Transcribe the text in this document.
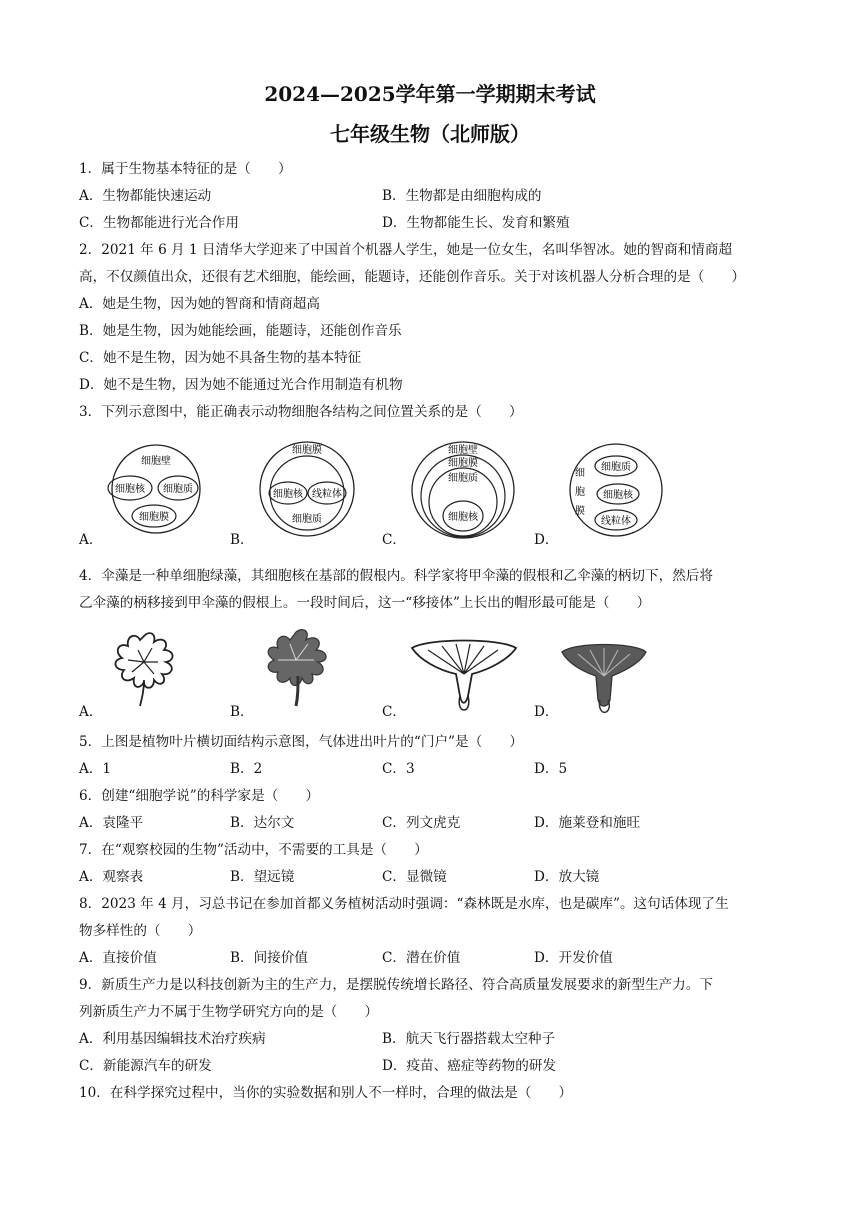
2024—2025学年第一学期期末考试
七年级生物（北师版）
1．属于生物基本特征的是（　　）
A．生物都能快速运动	B．生物都是由细胞构成的
C．生物都能进行光合作用	D．生物都能生长、发育和繁殖
2．2021 年 6 月 1 日清华大学迎来了中国首个机器人学生，她是一位女生，名叫华智冰。她的智商和情商超
高，不仅颜值出众，还很有艺术细胞，能绘画，能题诗，还能创作音乐。关于对该机器人分析合理的是（　　）
A．她是生物，因为她的智商和情商超高
B．她是生物，因为她能绘画，能题诗，还能创作音乐
C．她不是生物，因为她不具备生物的基本特征
D．她不是生物，因为她不能通过光合作用制造有机物
3．下列示意图中，能正确表示动物细胞各结构之间位置关系的是（　　）
细胞壁
细胞核 细胞质
细胞膜
A．
细胞膜
细胞核 线粒体
细胞质
B．
细胞壁
细胞膜
细胞质
细胞核
C．
细
胞
膜
细胞质
细胞核
线粒体
D．
4．伞藻是一种单细胞绿藻，其细胞核在基部的假根内。科学家将甲伞藻的假根和乙伞藻的柄切下，然后将
乙伞藻的柄移接到甲伞藻的假根上。一段时间后，这一“移接体”上长出的帽形最可能是（　　）
A．	B．	C．	D．
5．上图是植物叶片横切面结构示意图，气体进出叶片的“门户”是（　　）
A．1	B．2	C．3	D．5
6．创建“细胞学说”的科学家是（　　）
A．袁隆平	B．达尔文	C．列文虎克	D．施莱登和施旺
7．在“观察校园的生物”活动中，不需要的工具是（　　）
A．观察表	B．望远镜	C．显微镜	D．放大镜
8．2023 年 4 月，习总书记在参加首都义务植树活动时强调：“森林既是水库，也是碳库”。这句话体现了生
物多样性的（　　）
A．直接价值	B．间接价值	C．潜在价值	D．开发价值
9．新质生产力是以科技创新为主的生产力，是摆脱传统增长路径、符合高质量发展要求的新型生产力。下
列新质生产力不属于生物学研究方向的是（　　）
A．利用基因编辑技术治疗疾病	B．航天飞行器搭载太空种子
C．新能源汽车的研发	D．疫苗、癌症等药物的研发
10．在科学探究过程中，当你的实验数据和别人不一样时，合理的做法是（　　）
